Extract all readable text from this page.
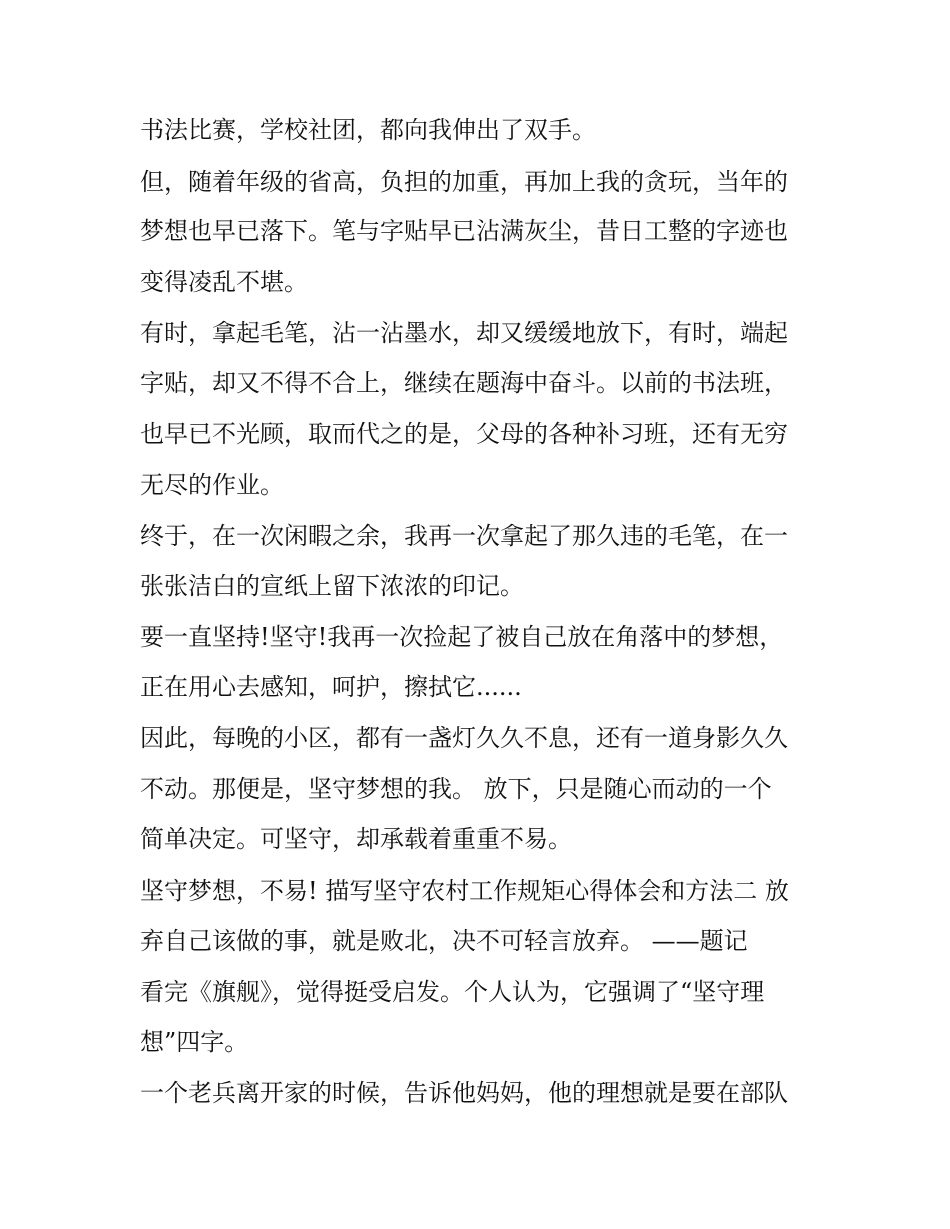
书法比赛，学校社团，都向我伸出了双手。
但，随着年级的省高，负担的加重，再加上我的贪玩，当年的
梦想也早已落下。笔与字贴早已沾满灰尘，昔日工整的字迹也
变得凌乱不堪。
有时，拿起毛笔，沾一沾墨水，却又缓缓地放下，有时，端起
字贴，却又不得不合上，继续在题海中奋斗。以前的书法班，
也早已不光顾，取而代之的是，父母的各种补习班，还有无穷
无尽的作业。
终于，在一次闲暇之余，我再一次拿起了那久违的毛笔，在一
张张洁白的宣纸上留下浓浓的印记。
要一直坚持!坚守!我再一次捡起了被自己放在角落中的梦想，
正在用心去感知，呵护，擦拭它......
因此，每晚的小区，都有一盏灯久久不息，还有一道身影久久
不动。那便是，坚守梦想的我。 放下，只是随心而动的一个
简单决定。可坚守，却承载着重重不易。
坚守梦想，不易! 描写坚守农村工作规矩心得体会和方法二 放
弃自己该做的事，就是败北，决不可轻言放弃。 ——题记
看完《旗舰》，觉得挺受启发。个人认为，它强调了“坚守理
想”四字。
一个老兵离开家的时候，告诉他妈妈，他的理想就是要在部队
